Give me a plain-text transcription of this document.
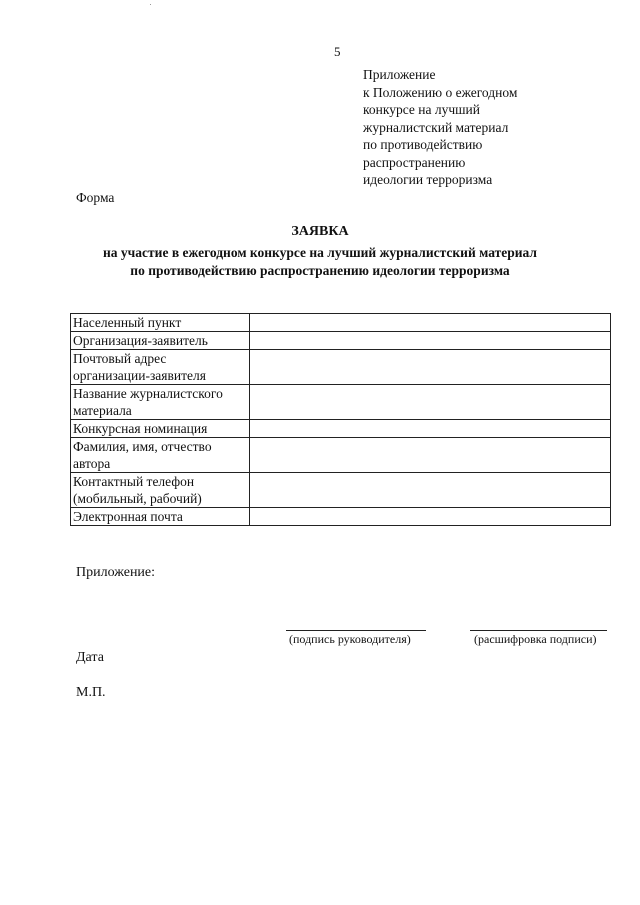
5
Приложение
к Положению о ежегодном
конкурсе на лучший
журналистский материал
по противодействию
распространению
идеологии терроризма
Форма
ЗАЯВКА
на участие в ежегодном конкурсе на лучший журналистский материал
по противодействию распространению идеологии терроризма
Населенный пункт	

Организация-заявитель	

Почтовый адрес
организации-заявителя	

Название журналистского
материала	

Конкурсная номинация	

Фамилия, имя, отчество
автора	

Контактный телефон
(мобильный, рабочий)	

Электронная почта	

Приложение:
(подпись руководителя)	(расшифровка подписи)
Дата
М.П.
